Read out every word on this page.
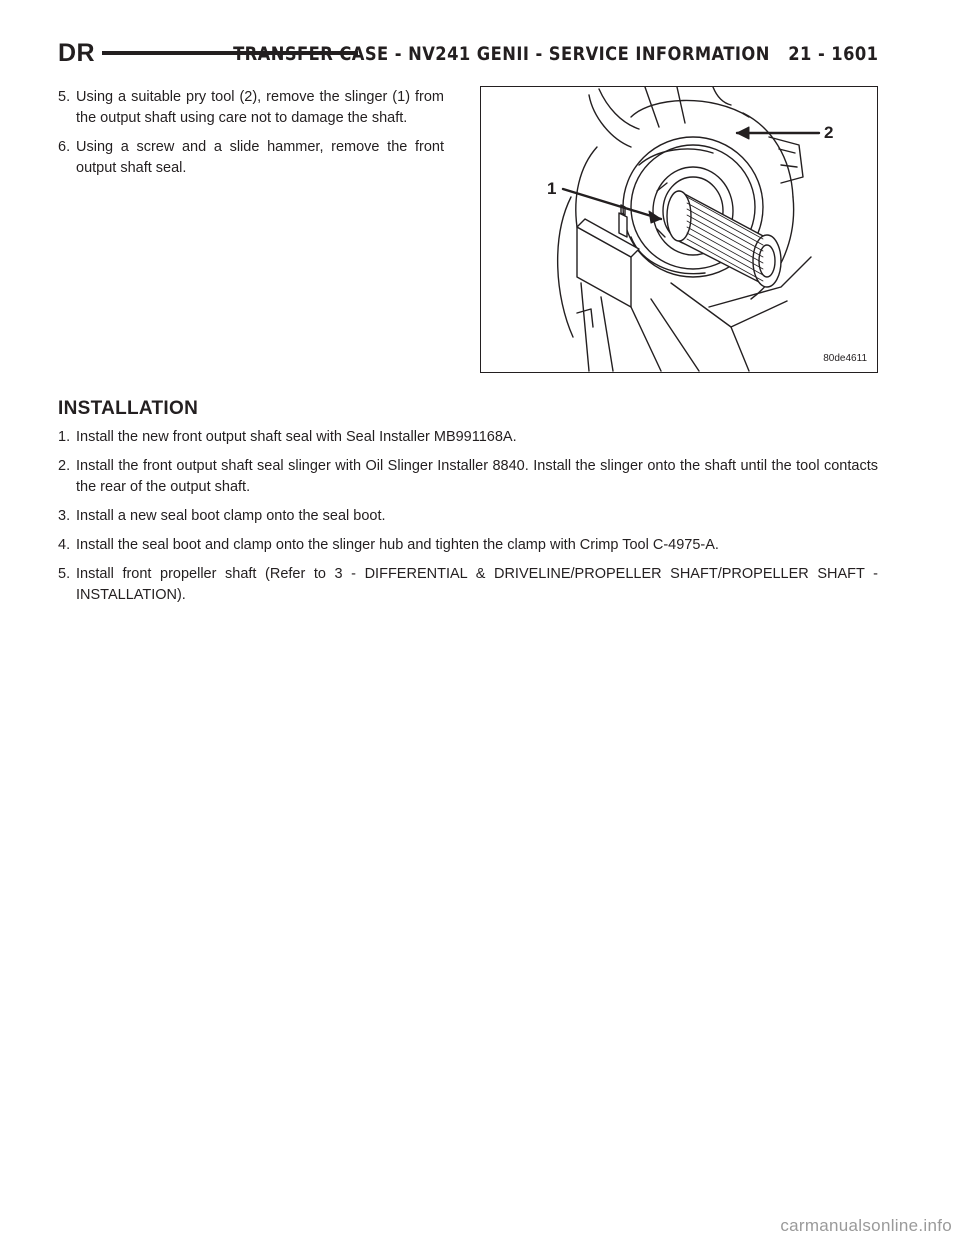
DR	TRANSFER CASE - NV241 GENII - SERVICE INFORMATION 21 - 1601
5. Using a suitable pry tool (2), remove the slinger (1) from the output shaft using care not to damage the shaft.
6. Using a screw and a slide hammer, remove the front output shaft seal.
1
2
80de4611
INSTALLATION
1. Install the new front output shaft seal with Seal Installer MB991168A.
2. Install the front output shaft seal slinger with Oil Slinger Installer 8840. Install the slinger onto the shaft until the tool contacts the rear of the output shaft.
3. Install a new seal boot clamp onto the seal boot.
4. Install the seal boot and clamp onto the slinger hub and tighten the clamp with Crimp Tool C-4975-A.
5. Install front propeller shaft (Refer to 3 - DIFFERENTIAL & DRIVELINE/PROPELLER SHAFT/PROPELLER SHAFT - INSTALLATION).
carmanualsonline.info
